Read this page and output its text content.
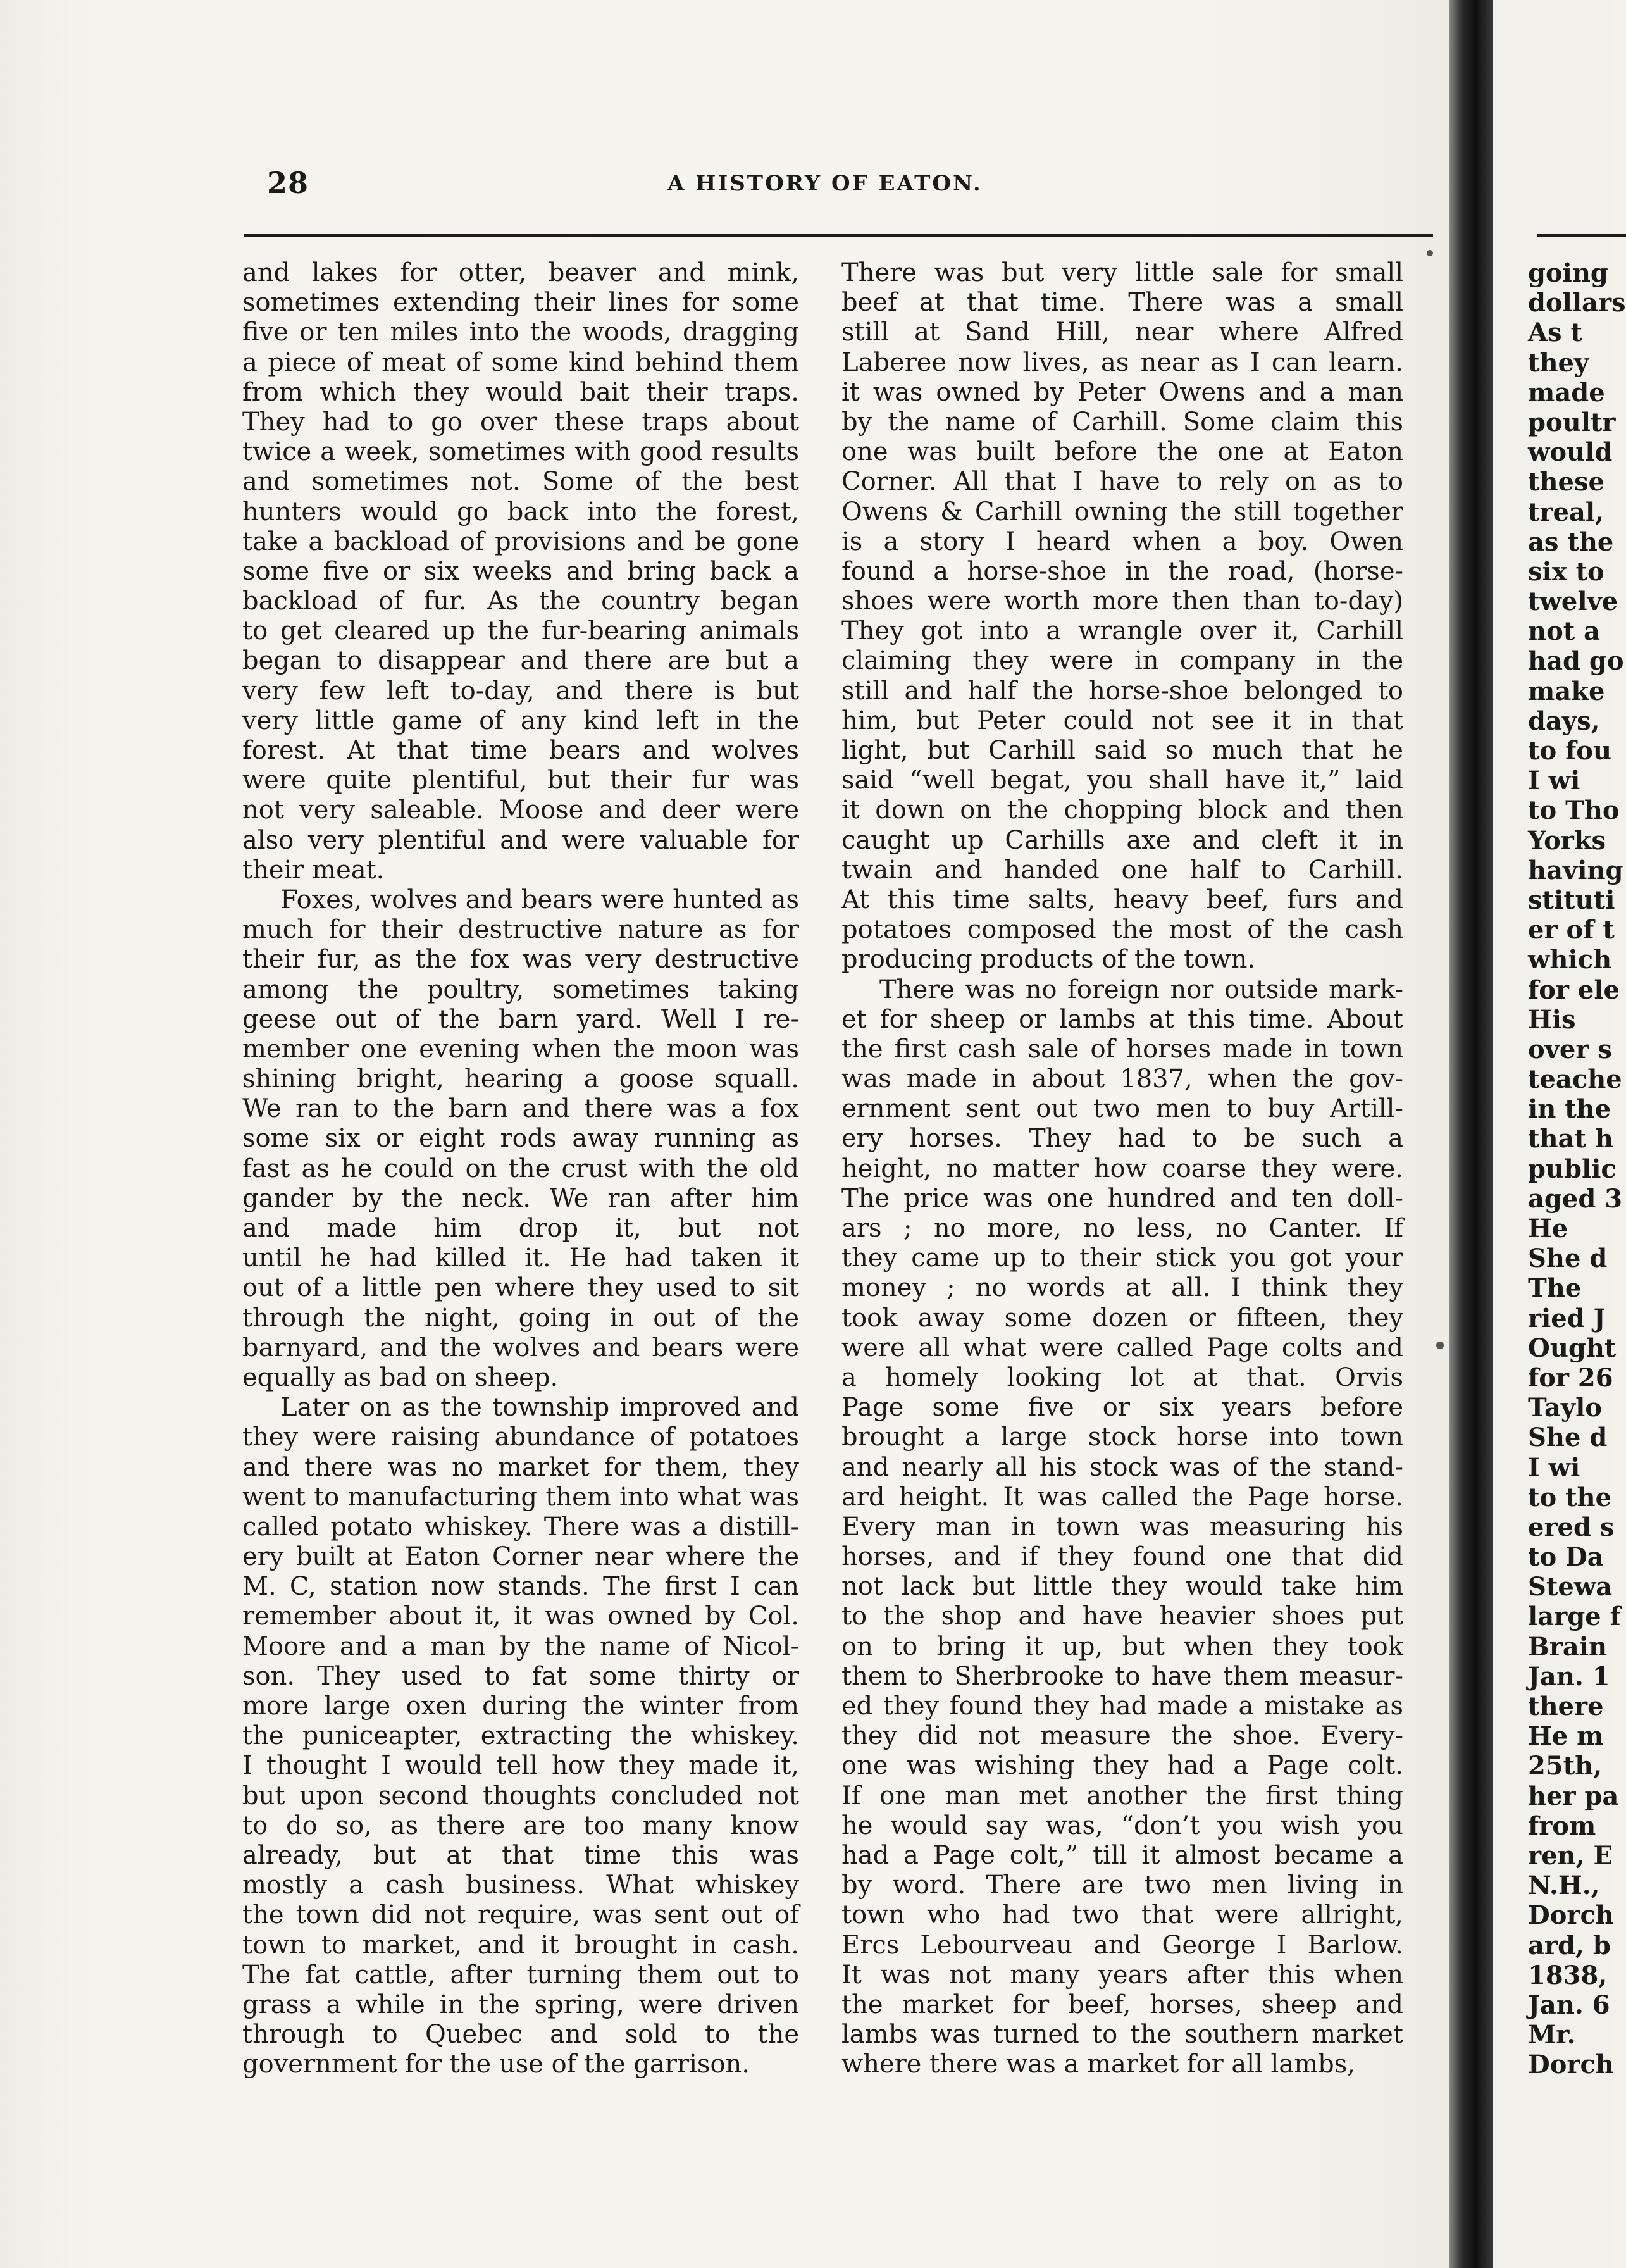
28	A HISTORY OF EATON.
and lakes for otter, beaver and mink,
sometimes extending their lines for some
five or ten miles into the woods, dragging
a piece of meat of some kind behind them
from which they would bait their traps.
They had to go over these traps about
twice a week, sometimes with good results
and sometimes not. Some of the best
hunters would go back into the forest,
take a backload of provisions and be gone
some five or six weeks and bring back a
backload of fur. As the country began
to get cleared up the fur-bearing animals
began to disappear and there are but a
very few left to-day, and there is but
very little game of any kind left in the
forest. At that time bears and wolves
were quite plentiful, but their fur was
not very saleable. Moose and deer were
also very plentiful and were valuable for
their meat.
Foxes, wolves and bears were hunted as
much for their destructive nature as for
their fur, as the fox was very destructive
among the poultry, sometimes taking
geese out of the barn yard. Well I re-
member one evening when the moon was
shining bright, hearing a goose squall.
We ran to the barn and there was a fox
some six or eight rods away running as
fast as he could on the crust with the old
gander by the neck. We ran after him
and made him drop it, but not
until he had killed it. He had taken it
out of a little pen where they used to sit
through the night, going in out of the
barnyard, and the wolves and bears were
equally as bad on sheep.
Later on as the township improved and
they were raising abundance of potatoes
and there was no market for them, they
went to manufacturing them into what was
called potato whiskey. There was a distill-
ery built at Eaton Corner near where the
M. C, station now stands. The first I can
remember about it, it was owned by Col.
Moore and a man by the name of Nicol-
son. They used to fat some thirty or
more large oxen during the winter from
the puniceapter, extracting the whiskey.
I thought I would tell how they made it,
but upon second thoughts concluded not
to do so, as there are too many know
already, but at that time this was
mostly a cash business. What whiskey
the town did not require, was sent out of
town to market, and it brought in cash.
The fat cattle, after turning them out to
grass a while in the spring, were driven
through to Quebec and sold to the
government for the use of the garrison.
There was but very little sale for small
beef at that time. There was a small
still at Sand Hill, near where Alfred
Laberee now lives, as near as I can learn.
it was owned by Peter Owens and a man
by the name of Carhill. Some claim this
one was built before the one at Eaton
Corner. All that I have to rely on as to
Owens & Carhill owning the still together
is a story I heard when a boy. Owen
found a horse-shoe in the road, (horse-
shoes were worth more then than to-day)
They got into a wrangle over it, Carhill
claiming they were in company in the
still and half the horse-shoe belonged to
him, but Peter could not see it in that
light, but Carhill said so much that he
said “well begat, you shall have it,” laid
it down on the chopping block and then
caught up Carhills axe and cleft it in
twain and handed one half to Carhill.
At this time salts, heavy beef, furs and
potatoes composed the most of the cash
producing products of the town.
There was no foreign nor outside mark-
et for sheep or lambs at this time. About
the first cash sale of horses made in town
was made in about 1837, when the gov-
ernment sent out two men to buy Artill-
ery horses. They had to be such a
height, no matter how coarse they were.
The price was one hundred and ten doll-
ars ; no more, no less, no Canter. If
they came up to their stick you got your
money ; no words at all. I think they
took away some dozen or fifteen, they
were all what were called Page colts and
a homely looking lot at that. Orvis
Page some five or six years before
brought a large stock horse into town
and nearly all his stock was of the stand-
ard height. It was called the Page horse.
Every man in town was measuring his
horses, and if they found one that did
not lack but little they would take him
to the shop and have heavier shoes put
on to bring it up, but when they took
them to Sherbrooke to have them measur-
ed they found they had made a mistake as
they did not measure the shoe. Every-
one was wishing they had a Page colt.
If one man met another the first thing
he would say was, “don’t you wish you
had a Page colt,” till it almost became a
by word. There are two men living in
town who had two that were allright,
Ercs Lebourveau and George I Barlow.
It was not many years after this when
the market for beef, horses, sheep and
lambs was turned to the southern market
where there was a market for all lambs,
going
dollars
As t
they
made
poultr
would
these
treal,
as the
six to
twelve
not a
had go
make
days,
to fou
I wi
to Tho
Yorks
having
stituti
er of t
which
for ele
His
over s
teache
in the
that h
public
aged 3
He
She d
The
ried J
Ought
for 26
Taylo
She d
I wi
to the
ered s
to Da
Stewa
large f
Brain
Jan. 1
there
He m
25th,
her pa
from
ren, E
N.H.,
Dorch
ard, b
1838,
Jan. 6
Mr.
Dorch
